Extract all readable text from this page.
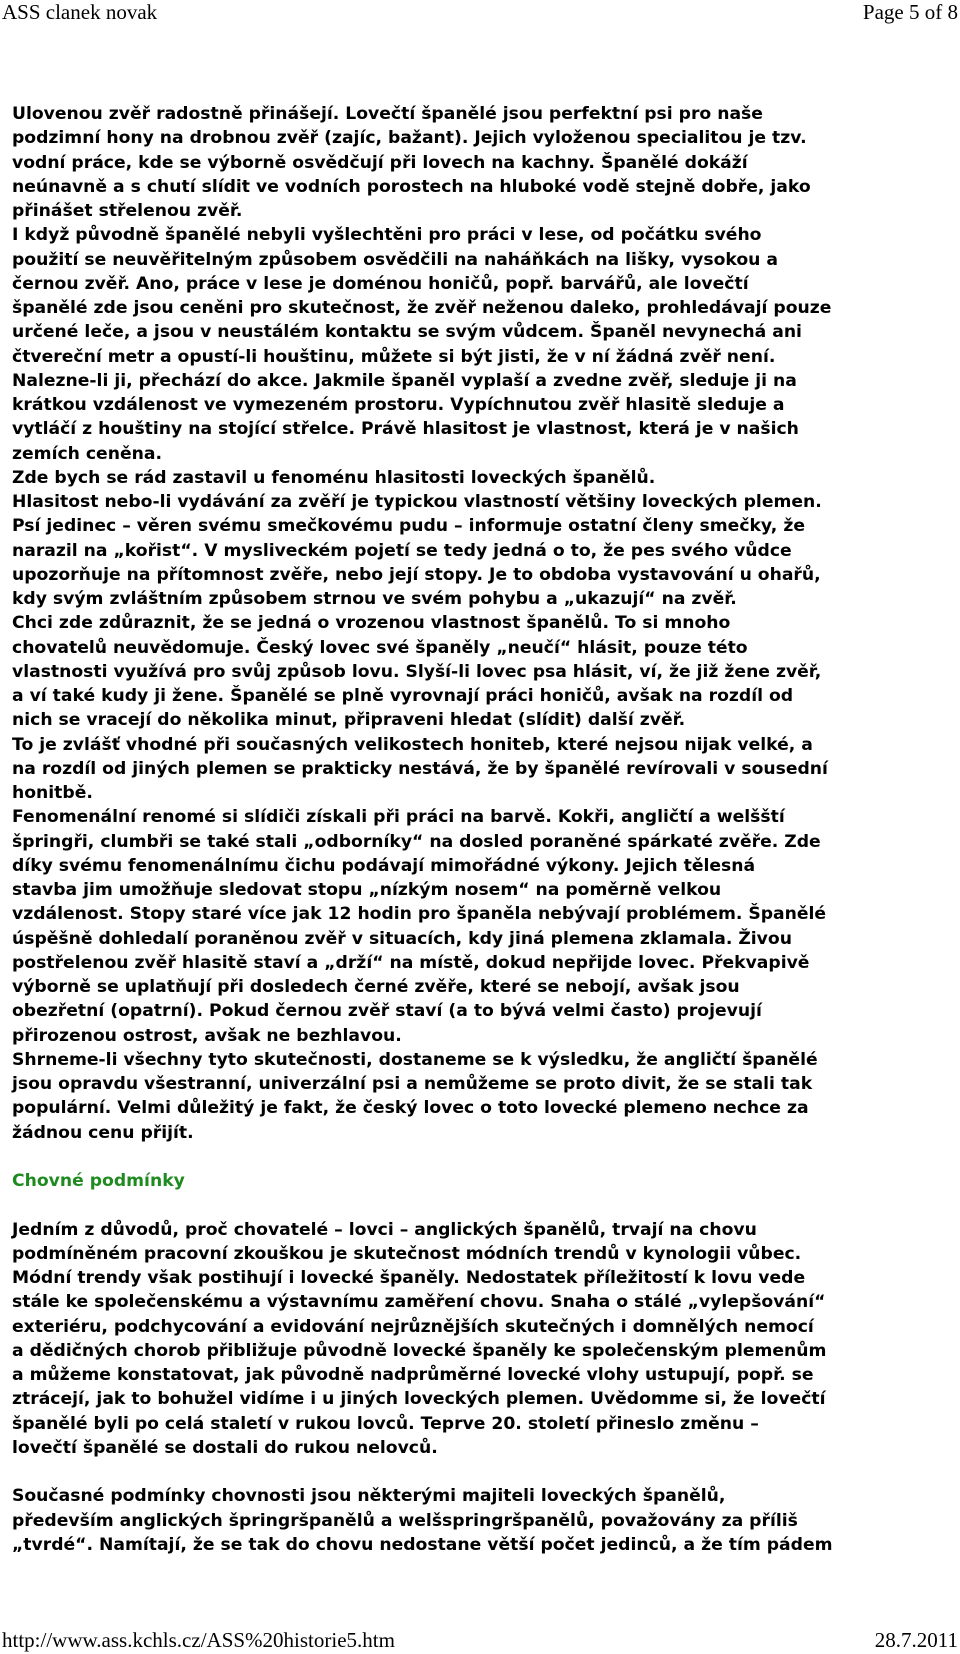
ASS clanek novak	Page 5 of 8
Ulovenou zvěř radostně přinášejí. Lovečtí španělé jsou perfektní psi pro naše
podzimní hony na drobnou zvěř (zajíc, bažant). Jejich vyloženou specialitou je tzv.
vodní práce, kde se výborně osvědčují při lovech na kachny. Španělé dokáží
neúnavně a s chutí slídit ve vodních porostech na hluboké vodě stejně dobře, jako
přinášet střelenou zvěř.
I když původně španělé nebyli vyšlechtěni pro práci v lese, od počátku svého
použití se neuvěřitelným způsobem osvědčili na naháňkách na lišky, vysokou a
černou zvěř. Ano, práce v lese je doménou honičů, popř. barvářů, ale lovečtí
španělé zde jsou ceněni pro skutečnost, že zvěř neženou daleko, prohledávají pouze
určené leče, a jsou v neustálém kontaktu se svým vůdcem. Španěl nevynechá ani
čtvereční metr a opustí-li houštinu, můžete si být jisti, že v ní žádná zvěř není.
Nalezne-li ji, přechází do akce. Jakmile španěl vyplaší a zvedne zvěř, sleduje ji na
krátkou vzdálenost ve vymezeném prostoru. Vypíchnutou zvěř hlasitě sleduje a
vytláčí z houštiny na stojící střelce. Právě hlasitost je vlastnost, která je v našich
zemích ceněna.
Zde bych se rád zastavil u fenoménu hlasitosti loveckých španělů.
Hlasitost nebo-li vydávání za zvěří je typickou vlastností většiny loveckých plemen.
Psí jedinec – věren svému smečkovému pudu – informuje ostatní členy smečky, že
narazil na „kořist“. V mysliveckém pojetí se tedy jedná o to, že pes svého vůdce
upozorňuje na přítomnost zvěře, nebo její stopy. Je to obdoba vystavování u ohařů,
kdy svým zvláštním způsobem strnou ve svém pohybu a „ukazují“ na zvěř.
Chci zde zdůraznit, že se jedná o vrozenou vlastnost španělů. To si mnoho
chovatelů neuvědomuje. Český lovec své španěly „neučí“ hlásit, pouze této
vlastnosti využívá pro svůj způsob lovu. Slyší-li lovec psa hlásit, ví, že již žene zvěř,
a ví také kudy ji žene. Španělé se plně vyrovnají práci honičů, avšak na rozdíl od
nich se vracejí do několika minut, připraveni hledat (slídit) další zvěř.
To je zvlášť vhodné při současných velikostech honiteb, které nejsou nijak velké, a
na rozdíl od jiných plemen se prakticky nestává, že by španělé revírovali v sousední
honitbě.
Fenomenální renomé si slídiči získali při práci na barvě. Kokři, angličtí a welšští
špringři, clumbři se také stali „odborníky“ na dosled poraněné spárkaté zvěře. Zde
díky svému fenomenálnímu čichu podávají mimořádné výkony. Jejich tělesná
stavba jim umožňuje sledovat stopu „nízkým nosem“ na poměrně velkou
vzdálenost. Stopy staré více jak 12 hodin pro španěla nebývají problémem. Španělé
úspěšně dohledalí poraněnou zvěř v situacích, kdy jiná plemena zklamala. Živou
postřelenou zvěř hlasitě staví a „drží“ na místě, dokud nepřijde lovec. Překvapivě
výborně se uplatňují při dosledech černé zvěře, které se nebojí, avšak jsou
obezřetní (opatrní). Pokud černou zvěř staví (a to bývá velmi často) projevují
přirozenou ostrost, avšak ne bezhlavou.
Shrneme-li všechny tyto skutečnosti, dostaneme se k výsledku, že angličtí španělé
jsou opravdu všestranní, univerzální psi a nemůžeme se proto divit, že se stali tak
populární. Velmi důležitý je fakt, že český lovec o toto lovecké plemeno nechce za
žádnou cenu přijít.
Chovné podmínky
Jedním z důvodů, proč chovatelé – lovci – anglických španělů, trvají na chovu
podmíněném pracovní zkouškou je skutečnost módních trendů v kynologii vůbec.
Módní trendy však postihují i lovecké španěly. Nedostatek příležitostí k lovu vede
stále ke společenskému a výstavnímu zaměření chovu. Snaha o stálé „vylepšování“
exteriéru, podchycování a evidování nejrůznějších skutečných i domnělých nemocí
a dědičných chorob přibližuje původně lovecké španěly ke společenským plemenům
a můžeme konstatovat, jak původně nadprůměrné lovecké vlohy ustupují, popř. se
ztrácejí, jak to bohužel vidíme i u jiných loveckých plemen. Uvědomme si, že lovečtí
španělé byli po celá staletí v rukou lovců. Teprve 20. století přineslo změnu –
lovečtí španělé se dostali do rukou nelovců.
Současné podmínky chovnosti jsou některými majiteli loveckých španělů,
především anglických špringršpanělů a welšspringršpanělů, považovány za příliš
„tvrdé“. Namítají, že se tak do chovu nedostane větší počet jedinců, a že tím pádem
http://www.ass.kchls.cz/ASS%20historie5.htm	28.7.2011
